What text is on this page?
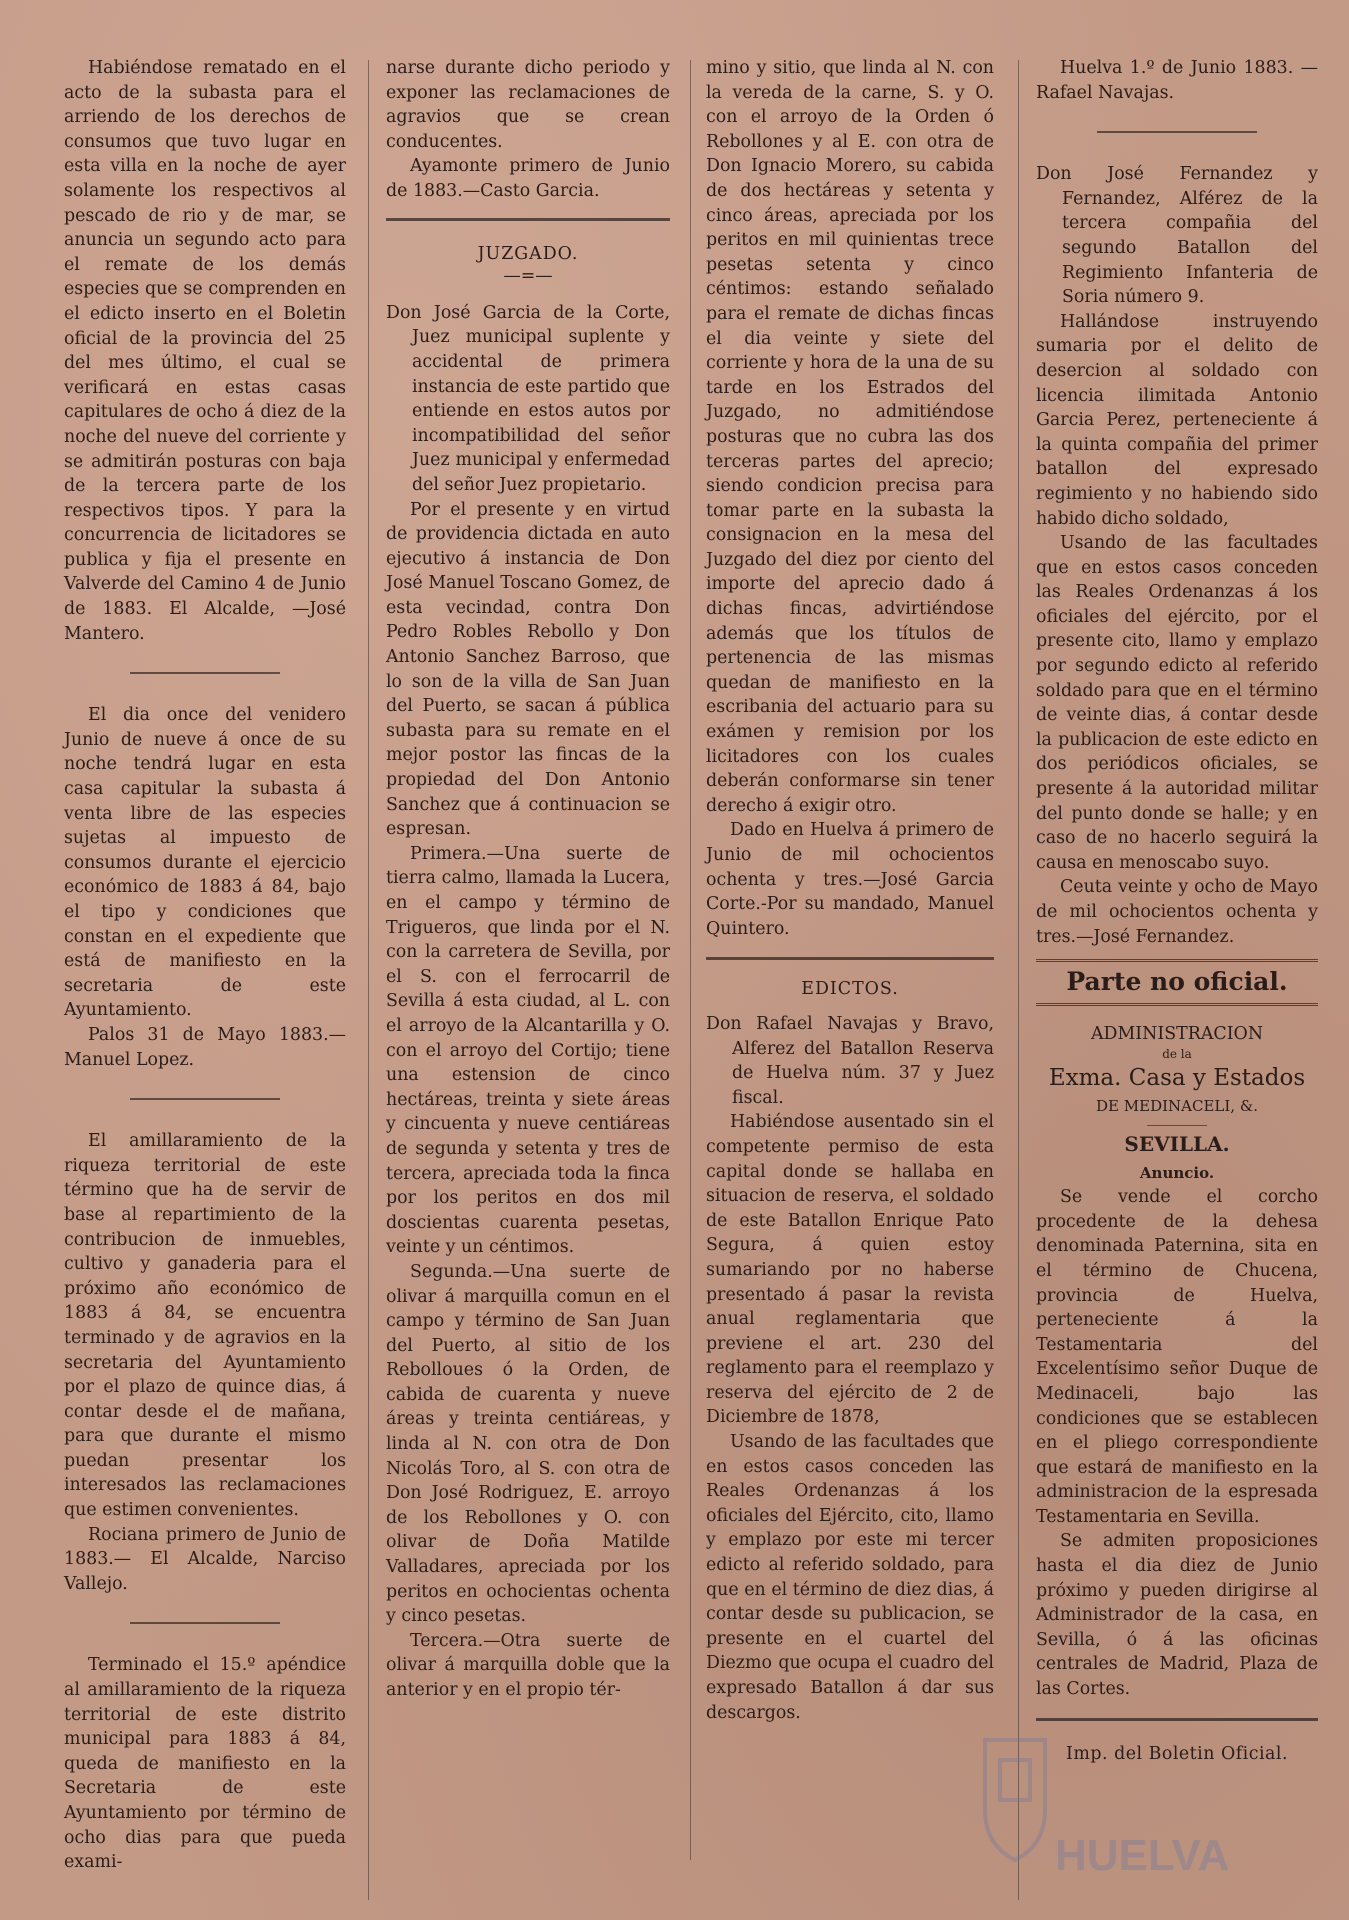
Habiéndose rematado en el acto de la subasta para el arriendo de los derechos de consumos que tuvo lugar en esta villa en la noche de ayer solamente los respectivos al pescado de rio y de mar, se anuncia un segundo acto para el remate de los demás especies que se comprenden en el edicto inserto en el Boletin oficial de la provincia del 25 del mes último, el cual se verificará en estas casas capitulares de ocho á diez de la noche del nueve del corriente y se admitirán posturas con baja de la tercera parte de los respectivos tipos. Y para la concurrencia de licitadores se publica y fija el presente en Valverde del Camino 4 de Junio de 1883. El Alcalde, —José Mantero.

El dia once del venidero Junio de nueve á once de su noche tendrá lugar en esta casa capitular la subasta á venta libre de las especies sujetas al impuesto de consumos durante el ejercicio económico de 1883 á 84, bajo el tipo y condiciones que constan en el expediente que está de manifiesto en la secretaria de este Ayuntamiento.

Palos 31 de Mayo 1883.— Manuel Lopez.

El amillaramiento de la riqueza territorial de este término que ha de servir de base al repartimiento de la contribucion de inmuebles, cultivo y ganaderia para el próximo año económico de 1883 á 84, se encuentra terminado y de agravios en la secretaria del Ayuntamiento por el plazo de quince dias, á contar desde el de mañana, para que durante el mismo puedan presentar los interesados las reclamaciones que estimen convenientes.

Rociana primero de Junio de 1883.— El Alcalde, Narciso Vallejo.

Terminado el 15.º apéndice al amillaramiento de la riqueza territorial de este distrito municipal para 1883 á 84, queda de manifiesto en la Secretaria de este Ayuntamiento por término de ocho dias para que pueda exami-

narse durante dicho periodo y exponer las reclamaciones de agravios que se crean conducentes.

Ayamonte primero de Junio de 1883.—Casto Garcia.

JUZGADO.

—=—

Don José Garcia de la Corte, Juez municipal suplente y accidental de primera instancia de este partido que entiende en estos autos por incompatibilidad del señor Juez municipal y enfermedad del señor Juez propietario.

Por el presente y en virtud de providencia dictada en auto ejecutivo á instancia de Don José Manuel Toscano Gomez, de esta vecindad, contra Don Pedro Robles Rebollo y Don Antonio Sanchez Barroso, que lo son de la villa de San Juan del Puerto, se sacan á pública subasta para su remate en el mejor postor las fincas de la propiedad del Don Antonio Sanchez que á continuacion se espresan.

Primera.—Una suerte de tierra calmo, llamada la Lucera, en el campo y término de Trigueros, que linda por el N. con la carretera de Sevilla, por el S. con el ferrocarril de Sevilla á esta ciudad, al L. con el arroyo de la Alcantarilla y O. con el arroyo del Cortijo; tiene una estension de cinco hectáreas, treinta y siete áreas y cincuenta y nueve centiáreas de segunda y setenta y tres de tercera, apreciada toda la finca por los peritos en dos mil doscientas cuarenta pesetas, veinte y un céntimos.

Segunda.—Una suerte de olivar á marquilla comun en el campo y término de San Juan del Puerto, al sitio de los Rebolloues ó la Orden, de cabida de cuarenta y nueve áreas y treinta centiáreas, y linda al N. con otra de Don Nicolás Toro, al S. con otra de Don José Rodriguez, E. arroyo de los Rebollones y O. con olivar de Doña Matilde Valladares, apreciada por los peritos en ochocientas ochenta y cinco pesetas.

Tercera.—Otra suerte de olivar á marquilla doble que la anterior y en el propio tér-

mino y sitio, que linda al N. con la vereda de la carne, S. y O. con el arroyo de la Orden ó Rebollones y al E. con otra de Don Ignacio Morero, su cabida de dos hectáreas y setenta y cinco áreas, apreciada por los peritos en mil quinientas trece pesetas setenta y cinco céntimos: estando señalado para el remate de dichas fincas el dia veinte y siete del corriente y hora de la una de su tarde en los Estrados del Juzgado, no admitiéndose posturas que no cubra las dos terceras partes del aprecio; siendo condicion precisa para tomar parte en la subasta la consignacion en la mesa del Juzgado del diez por ciento del importe del aprecio dado á dichas fincas, advirtiéndose además que los títulos de pertenencia de las mismas quedan de manifiesto en la escribania del actuario para su exámen y remision por los licitadores con los cuales deberán conformarse sin tener derecho á exigir otro.

Dado en Huelva á primero de Junio de mil ochocientos ochenta y tres.—José Garcia Corte.-Por su mandado, Manuel Quintero.

EDICTOS.

Don Rafael Navajas y Bravo, Alferez del Batallon Reserva de Huelva núm. 37 y Juez fiscal.

Habiéndose ausentado sin el competente permiso de esta capital donde se hallaba en situacion de reserva, el soldado de este Batallon Enrique Pato Segura, á quien estoy sumariando por no haberse presentado á pasar la revista anual reglamentaria que previene el art. 230 del reglamento para el reemplazo y reserva del ejército de 2 de Diciembre de 1878,

Usando de las facultades que en estos casos conceden las Reales Ordenanzas á los oficiales del Ejército, cito, llamo y emplazo por este mi tercer edicto al referido soldado, para que en el término de diez dias, á contar desde su publicacion, se presente en el cuartel del Diezmo que ocupa el cuadro del expresado Batallon á dar sus descargos.

Huelva 1.º de Junio 1883. —Rafael Navajas.

Don José Fernandez y Fernandez, Alférez de la tercera compañia del segundo Batallon del Regimiento Infanteria de Soria número 9.

Hallándose instruyendo sumaria por el delito de desercion al soldado con licencia ilimitada Antonio Garcia Perez, perteneciente á la quinta compañia del primer batallon del expresado regimiento y no habiendo sido habido dicho soldado,

Usando de las facultades que en estos casos conceden las Reales Ordenanzas á los oficiales del ejército, por el presente cito, llamo y emplazo por segundo edicto al referido soldado para que en el término de veinte dias, á contar desde la publicacion de este edicto en dos periódicos oficiales, se presente á la autoridad militar del punto donde se halle; y en caso de no hacerlo seguirá la causa en menoscabo suyo.

Ceuta veinte y ocho de Mayo de mil ochocientos ochenta y tres.—José Fernandez.

Parte no oficial.

ADMINISTRACION

de la

Exma. Casa y Estados

DE MEDINACELI, &.

SEVILLA.

Anuncio.

Se vende el corcho procedente de la dehesa denominada Paternina, sita en el término de Chucena, provincia de Huelva, perteneciente á la Testamentaria del Excelentísimo señor Duque de Medinaceli, bajo las condiciones que se establecen en el pliego correspondiente que estará de manifiesto en la administracion de la espresada Testamentaria en Sevilla.

Se admiten proposiciones hasta el dia diez de Junio próximo y pueden dirigirse al Administrador de la casa, en Sevilla, ó á las oficinas centrales de Madrid, Plaza de las Cortes.

Imp. del Boletin Oficial.

HUELVA
